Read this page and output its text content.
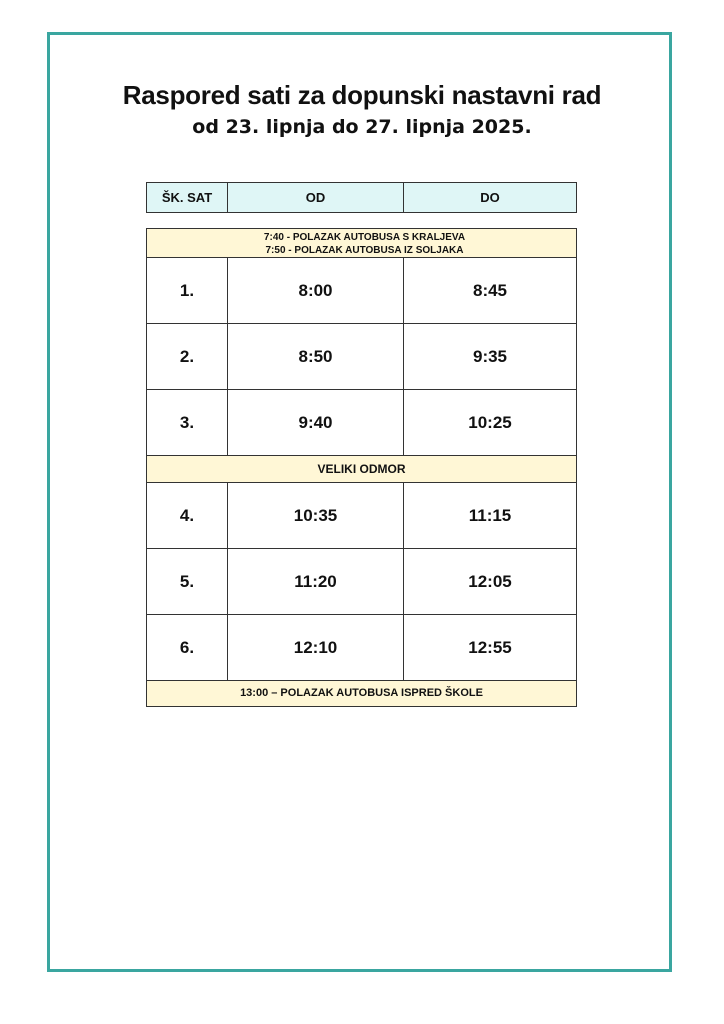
Raspored sati za dopunski nastavni rad
od 23. lipnja do 27. lipnja 2025.
ŠK. SAT	OD	DO
7:40 - POLAZAK AUTOBUSA S KRALJEVA
7:50 - POLAZAK AUTOBUSA IZ SOLJAKA
1.	8:00	8:45
2.	8:50	9:35
3.	9:40	10:25
VELIKI ODMOR
4.	10:35	11:15
5.	11:20	12:05
6.	12:10	12:55
13:00 – POLAZAK AUTOBUSA ISPRED ŠKOLE
